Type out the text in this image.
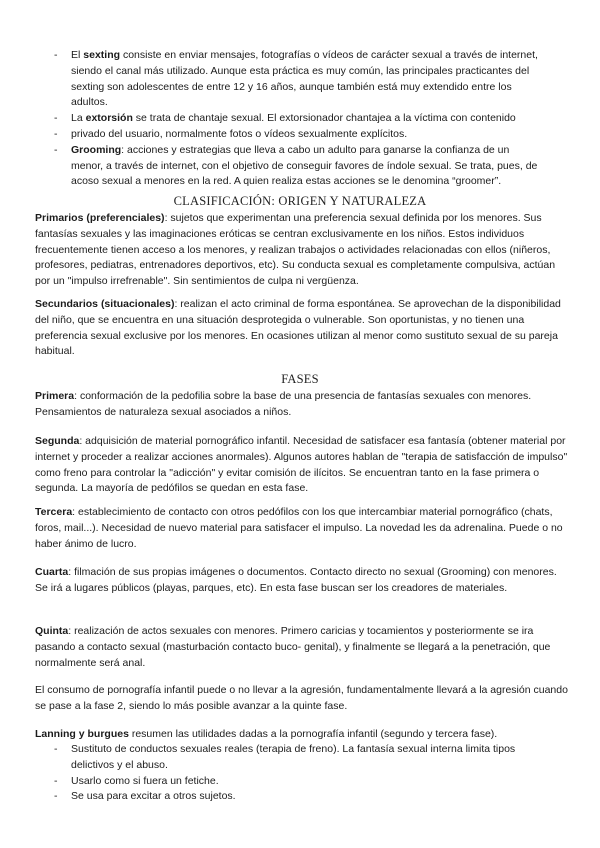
- El sexting consiste en enviar mensajes, fotografías o vídeos de carácter sexual a través de internet, siendo el canal más utilizado. Aunque esta práctica es muy común, las principales practicantes del sexting son adolescentes de entre 12 y 16 años, aunque también está muy extendido entre los adultos.
- La extorsión se trata de chantaje sexual. El extorsionador chantajea a la víctima con contenido
- privado del usuario, normalmente fotos o vídeos sexualmente explícitos.
- Grooming: acciones y estrategias que lleva a cabo un adulto para ganarse la confianza de un menor, a través de internet, con el objetivo de conseguir favores de índole sexual. Se trata, pues, de acoso sexual a menores en la red. A quien realiza estas acciones se le denomina “groomer”.
CLASIFICACIÓN: ORIGEN Y NATURALEZA

Primarios (preferenciales): sujetos que experimentan una preferencia sexual definida por los menores. Sus fantasías sexuales y las imaginaciones eróticas se centran exclusivamente en los niños. Estos individuos frecuentemente tienen acceso a los menores, y realizan trabajos o actividades relacionadas con ellos (niñeros, profesores, pediatras, entrenadores deportivos, etc). Su conducta sexual es completamente compulsiva, actúan por un "impulso irrefrenable". Sin sentimientos de culpa ni vergüenza.

Secundarios (situacionales): realizan el acto criminal de forma espontánea. Se aprovechan de la disponibilidad del niño, que se encuentra en una situación desprotegida o vulnerable. Son oportunistas, y no tienen una preferencia sexual exclusive por los menores. En ocasiones utilizan al menor como sustituto sexual de su pareja habitual.

FASES

Primera: conformación de la pedofilia sobre la base de una presencia de fantasías sexuales con menores. Pensamientos de naturaleza sexual asociados a niños.

Segunda: adquisición de material pornográfico infantil. Necesidad de satisfacer esa fantasía (obtener material por internet y proceder a realizar acciones anormales). Algunos autores hablan de "terapia de satisfacción de impulso" como freno para controlar la "adicción" y evitar comisión de ilícitos. Se encuentran tanto en la fase primera o segunda. La mayoría de pedófilos se quedan en esta fase.

Tercera: establecimiento de contacto con otros pedófilos con los que intercambiar material pornográfico (chats, foros, mail...). Necesidad de nuevo material para satisfacer el impulso. La novedad les da adrenalina. Puede o no haber ánimo de lucro.

Cuarta: filmación de sus propias imágenes o documentos. Contacto directo no sexual (Grooming) con menores. Se irá a lugares públicos (playas, parques, etc). En esta fase buscan ser los creadores de materiales.

Quinta: realización de actos sexuales con menores. Primero caricias y tocamientos y posteriormente se ira pasando a contacto sexual (masturbación contacto buco- genital), y finalmente se llegará a la penetración, que normalmente será anal.

El consumo de pornografía infantil puede o no llevar a la agresión, fundamentalmente llevará a la agresión cuando se pase a la fase 2, siendo lo más posible avanzar a la quinte fase.

Lanning y burgues resumen las utilidades dadas a la pornografía infantil (segundo y tercera fase).

- Sustituto de conductos sexuales reales (terapia de freno). La fantasía sexual interna limita tipos delictivos y el abuso.
- Usarlo como si fuera un fetiche.
- Se usa para excitar a otros sujetos.
